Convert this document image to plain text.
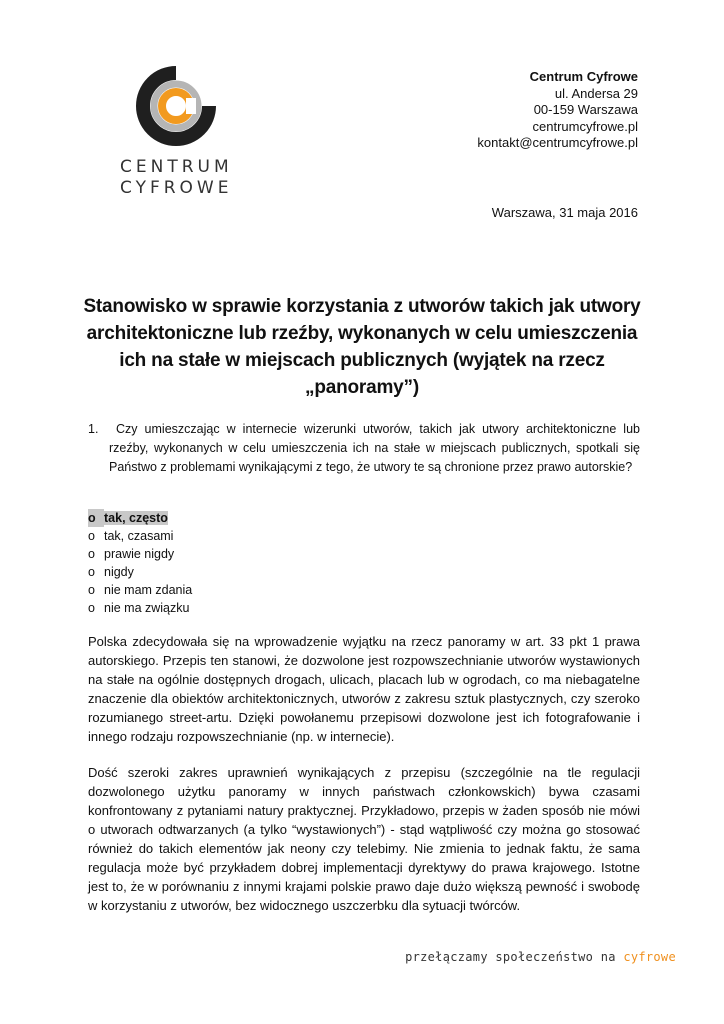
CENTRUM
CYFROWE
Centrum Cyfrowe
ul. Andersa 29
00-159 Warszawa
centrumcyfrowe.pl
kontakt@centrumcyfrowe.pl
Warszawa, 31 maja 2016
Stanowisko w sprawie korzystania z utworów takich jak utwory architektoniczne lub rzeźby, wykonanych w celu umieszczenia ich na stałe w miejscach publicznych (wyjątek na rzecz „panoramy”)
1.	Czy umieszczając w internecie wizerunki utworów, takich jak utwory architektoniczne lub rzeźby, wykonanych w celu umieszczenia ich na stałe w miejscach publicznych, spotkali się Państwo z problemami wynikającymi z tego, że utwory te są chronione przez prawo autorskie?
o tak, często
o tak, czasami
o prawie nigdy
o nigdy
o nie mam zdania
o nie ma związku
Polska zdecydowała się na wprowadzenie wyjątku na rzecz panoramy w art. 33 pkt 1 prawa autorskiego. Przepis ten stanowi, że dozwolone jest rozpowszechnianie utworów wystawionych na stałe na ogólnie dostępnych drogach, ulicach, placach lub w ogrodach, co ma niebagatelne znaczenie dla obiektów architektonicznych, utworów z zakresu sztuk plastycznych, czy szeroko rozumianego street-artu. Dzięki powołanemu przepisowi dozwolone jest ich fotografowanie i innego rodzaju rozpowszechnianie (np. w internecie).
Dość szeroki zakres uprawnień wynikających z przepisu (szczególnie na tle regulacji dozwolonego użytku panoramy w innych państwach członkowskich) bywa czasami konfrontowany z pytaniami natury praktycznej. Przykładowo, przepis w żaden sposób nie mówi o utworach odtwarzanych (a tylko “wystawionych”) - stąd wątpliwość czy można go stosować również do takich elementów jak neony czy telebimy. Nie zmienia to jednak faktu, że sama regulacja może być przykładem dobrej implementacji dyrektywy do prawa krajowego. Istotne jest to, że w porównaniu z innymi krajami polskie prawo daje dużo większą pewność i swobodę w korzystaniu z utworów, bez widocznego uszczerbku dla sytuacji twórców.
przełączamy społeczeństwo na cyfrowe
